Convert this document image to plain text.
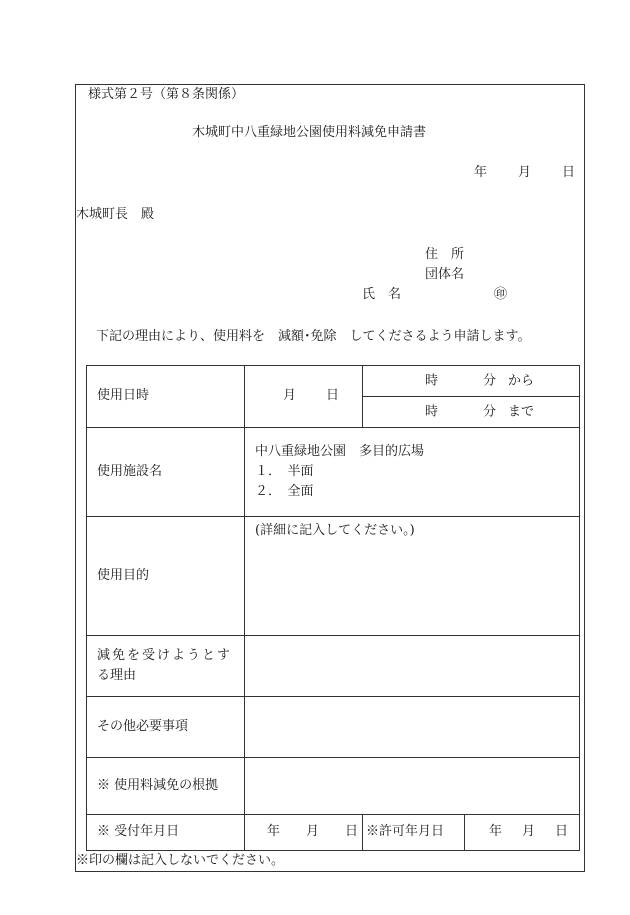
様式第２号（第８条関係）
木城町中八重緑地公園使用料減免申請書
年 月 日
木城町長　殿
住　所
団体名
氏　名	㊞
下記の理由により、使用料を　減額･免除　してくださるよう申請します。
使用日時	月 日	時 分 から	

		時 分 まで	

使用施設名	中八重緑地公園　多目的広場
１．　半面
２．　全面		

使用目的	(詳細に記入してください。)		

減免を受けようとす
る理由			

その他必要事項			
※ 使用料減免の根拠			
※ 受付年月日	年 月 日	※許可年月日	年 月 日
※印の欄は記入しないでください。
